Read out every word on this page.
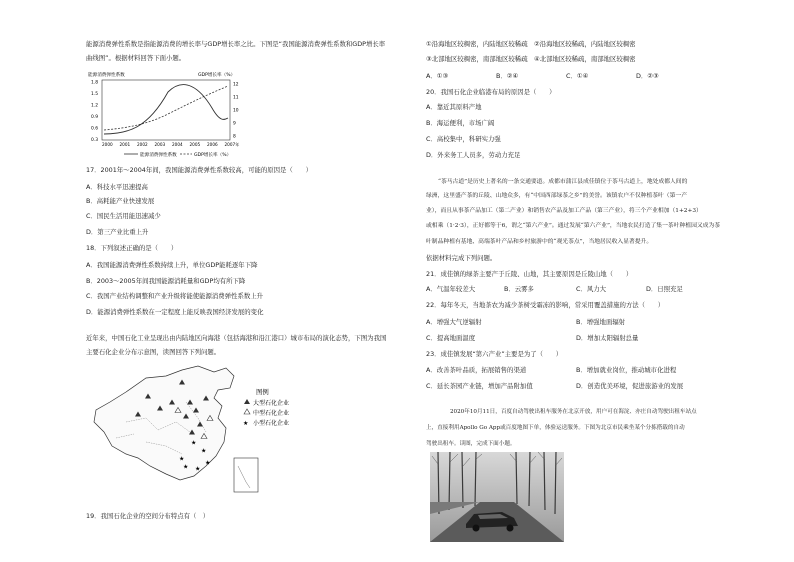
能源消费弹性系数是指能源消费的增长率与GDP增长率之比。下图是“我国能源消费弹性系数和GDP增长率
曲线图”。根据材料回答下面小题。
能源消费弹性系数	GDP增长率（%）
1.8
1.5
1.2
0.9
0.6
0.3
12
11
10
9
8
2000 2001 2002 2003 2004 2005 2006 2007年
能源消费弹性系数	GDP增长率（%）
17．2001年～2004年间，我国能源消费弹性系数较高，可能的原因是（　　）
A．科技水平迅速提高
B．高耗能产业快速发展
C．国民生活用能迅速减少
D．第三产业比重上升
18．下列叙述正确的是（　　）
A．我国能源消费弹性系数持续上升，单位GDP能耗逐年下降
B．2003～2005年间我国能源消耗量和GDP均有所下降
C．我国产业结构调整和产业升级将能使能源消费弹性系数上升
D．能源消费弹性系数在一定程度上能反映我国经济发展的变化
近年来，中国石化工业呈现出由内陆地区向海港（包括海港和沿江港口）城市布局的演化态势，下图为我国
主要石化企业分布示意图，读图回答下列问题。
★
★
★
★
★
★
图例
大型石化企业
中型石化企业
★ 小型石化企业
19．我国石化企业的空间分布特点有（　）
①沿海地区较稠密，内陆地区较稀疏　②沿海地区较稀疏，内陆地区较稠密
③北部地区较稠密，南部地区较稀疏　④北部地区较稀疏，南部地区较稠密
A．①③	B．②④	C．①④	D．②③
20．我国石化企业临港布局的原因是（　　）
A．靠近其原料产地
B．海运便利，市场广阔
C．高校集中，科研实力强
D．外来务工人员多，劳动力充足
“茶马古道”是历史上著名的一条交通要道。成都市蒲江县成佳镇位于茶马古道上，地处成都人间的
绿洲，这里盛产茶的丘陵、山地众多，有“中国西部绿茶之乡”的美誉。该镇农户不仅种植茶叶（第一产
业），而且从事茶产品加工（第二产业）和销售农产品及加工产品（第三产业），将三个产业相加（1+2+3）
或相乘（1·2·3），正好都等于6，谓之“第六产业”。通过发展“第六产业”，当地农民打造了集一茶叶种植园又成为茶
叶制品种植有基地、高端茶叶产品和乡村旅游中的“观光茶点”，当地居民收入显著提升。
依据材料完成下列问题。
21．成佳镇的绿茶主要产于丘陵、山地，其主要原因是丘陵山地（　　）
A．气温年较差大	B．云雾多	C．风力大	D．日照充足
22．每年冬天，当地茶农为减少茶树受霜冻的影响，常采用覆盖措施的方法（　　）
A．增强大气逆辐射	B．增强地面辐射
C．提高地面温度	D．增加太阳辐射总量
23．成佳镇发展“第六产业”主要是为了（　　）
A．改善茶叶品质，拓展销售的渠道	B．增加就业岗位，推动城市化进程
C．延长茶园产业链，增加产品附加值	D．创造优美环境，促进旅游业的发展
2020年10月11日，百度自动驾驶出租车服务在北京开放，用户可在海淀、亦庄自动驾驶出租车站点
上，直接利用Apollo Go App或百度地图下单，体验运送服务。下图为北京市民乘坐某个分拣搭载的自动
驾驶出租车。读图，完成下面小题。
